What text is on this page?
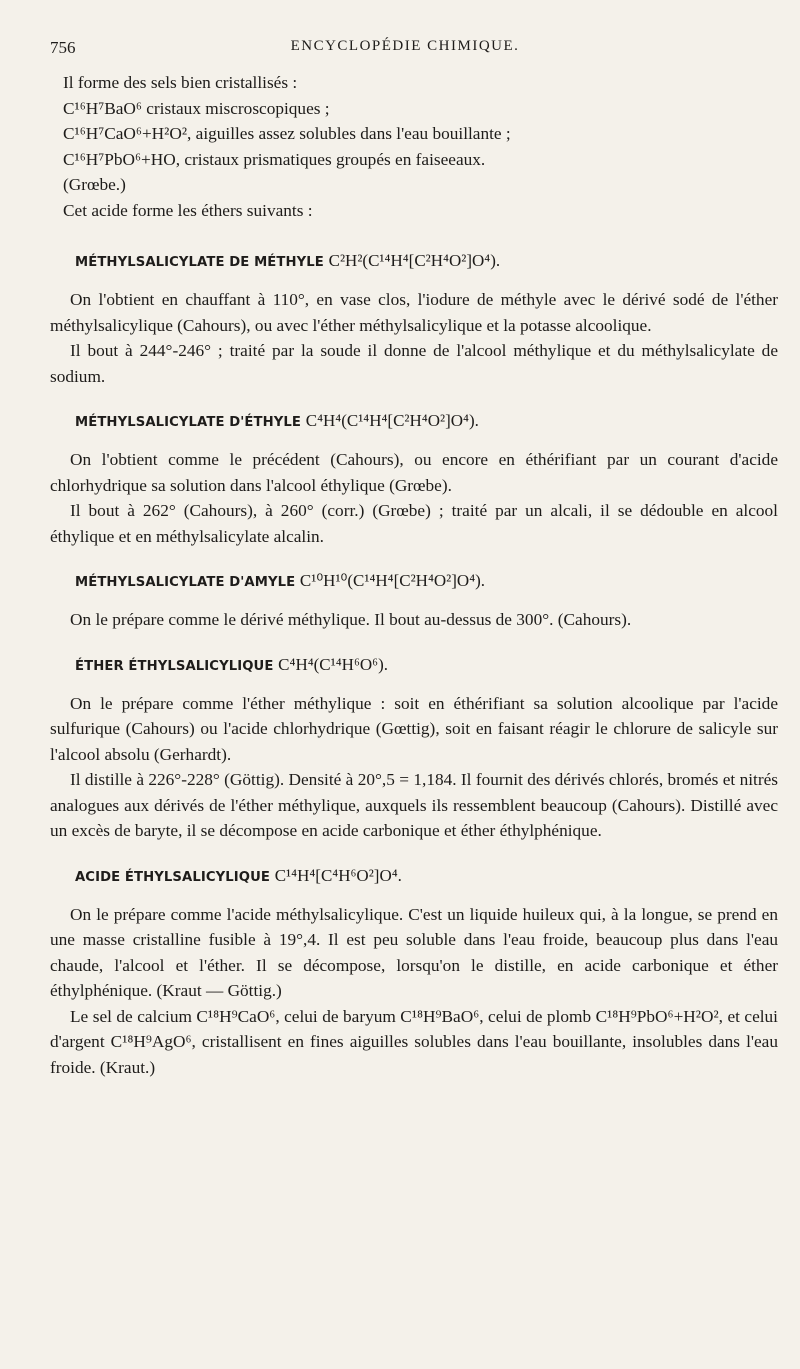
756	ENCYCLOPÉDIE CHIMIQUE.

Il forme des sels bien cristallisés :

C¹⁶H⁷BaO⁶ cristaux miscroscopiques ;

C¹⁶H⁷CaO⁶+H²O², aiguilles assez solubles dans l'eau bouillante ;

C¹⁶H⁷PbO⁶+HO, cristaux prismatiques groupés en faiseeaux.

(Grœbe.)

Cet acide forme les éthers suivants :

MÉTHYLSALICYLATE DE MÉTHYLE C²H²(C¹⁴H⁴[C²H⁴O²]O⁴).

On l'obtient en chauffant à 110°, en vase clos, l'iodure de méthyle avec le dérivé sodé de l'éther méthylsalicylique (Cahours), ou avec l'éther méthylsalicylique et la potasse alcoolique.

Il bout à 244°-246° ; traité par la soude il donne de l'alcool méthylique et du méthylsalicylate de sodium.

MÉTHYLSALICYLATE D'ÉTHYLE C⁴H⁴(C¹⁴H⁴[C²H⁴O²]O⁴).

On l'obtient comme le précédent (Cahours), ou encore en éthérifiant par un courant d'acide chlorhydrique sa solution dans l'alcool éthylique (Grœbe).

Il bout à 262° (Cahours), à 260° (corr.) (Grœbe) ; traité par un alcali, il se dédouble en alcool éthylique et en méthylsalicylate alcalin.

MÉTHYLSALICYLATE D'AMYLE C¹⁰H¹⁰(C¹⁴H⁴[C²H⁴O²]O⁴).

On le prépare comme le dérivé méthylique. Il bout au-dessus de 300°. (Cahours).

ÉTHER ÉTHYLSALICYLIQUE C⁴H⁴(C¹⁴H⁶O⁶).

On le prépare comme l'éther méthylique : soit en éthérifiant sa solution alcoolique par l'acide sulfurique (Cahours) ou l'acide chlorhydrique (Gœttig), soit en faisant réagir le chlorure de salicyle sur l'alcool absolu (Gerhardt).

Il distille à 226°-228° (Göttig). Densité à 20°,5 = 1,184. Il fournit des dérivés chlorés, bromés et nitrés analogues aux dérivés de l'éther méthylique, auxquels ils ressemblent beaucoup (Cahours). Distillé avec un excès de baryte, il se décompose en acide carbonique et éther éthylphénique.

ACIDE ÉTHYLSALICYLIQUE C¹⁴H⁴[C⁴H⁶O²]O⁴.

On le prépare comme l'acide méthylsalicylique. C'est un liquide huileux qui, à la longue, se prend en une masse cristalline fusible à 19°,4. Il est peu soluble dans l'eau froide, beaucoup plus dans l'eau chaude, l'alcool et l'éther. Il se décompose, lorsqu'on le distille, en acide carbonique et éther éthylphénique. (Kraut — Göttig.)

Le sel de calcium C¹⁸H⁹CaO⁶, celui de baryum C¹⁸H⁹BaO⁶, celui de plomb C¹⁸H⁹PbO⁶+H²O², et celui d'argent C¹⁸H⁹AgO⁶, cristallisent en fines aiguilles solubles dans l'eau bouillante, insolubles dans l'eau froide. (Kraut.)
